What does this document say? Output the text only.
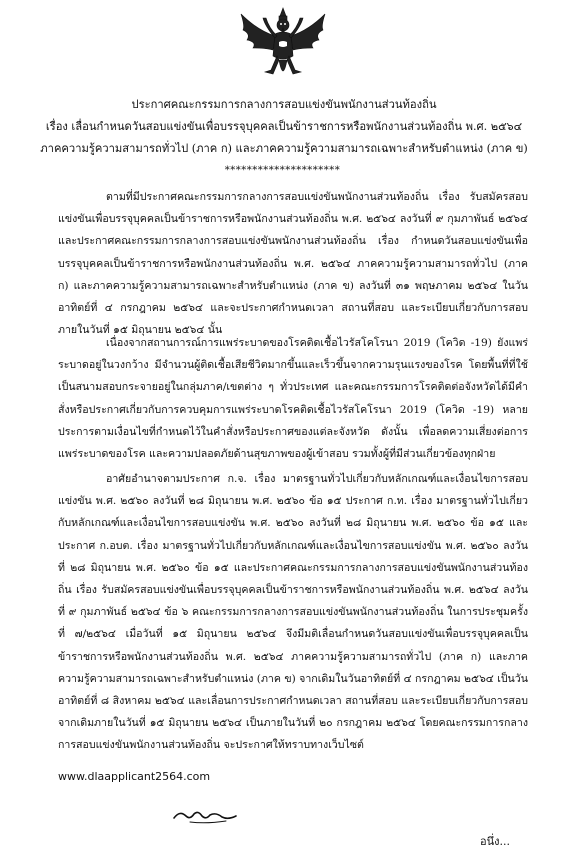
ประกาศคณะกรรมการกลางการสอบแข่งขันพนักงานส่วนท้องถิ่น
เรื่อง เลื่อนกำหนดวันสอบแข่งขันเพื่อบรรจุบุคคลเป็นข้าราชการหรือพนักงานส่วนท้องถิ่น พ.ศ. ๒๕๖๔
ภาคความรู้ความสามารถทั่วไป (ภาค ก) และภาคความรู้ความสามารถเฉพาะสำหรับตำแหน่ง (ภาค ข)
*********************

ตามที่มีประกาศคณะกรรมการกลางการสอบแข่งขันพนักงานส่วนท้องถิ่น เรื่อง รับสมัครสอบแข่งขันเพื่อบรรจุบุคคลเป็นข้าราชการหรือพนักงานส่วนท้องถิ่น พ.ศ. ๒๕๖๔ ลงวันที่ ๙ กุมภาพันธ์ ๒๕๖๔ และประกาศคณะกรรมการกลางการสอบแข่งขันพนักงานส่วนท้องถิ่น เรื่อง กำหนดวันสอบแข่งขันเพื่อบรรจุบุคคลเป็นข้าราชการหรือพนักงานส่วนท้องถิ่น พ.ศ. ๒๕๖๔ ภาคความรู้ความสามารถทั่วไป (ภาค ก) และภาคความรู้ความสามารถเฉพาะสำหรับตำแหน่ง (ภาค ข) ลงวันที่ ๓๑ พฤษภาคม ๒๕๖๔ ในวันอาทิตย์ที่ ๔ กรกฎาคม ๒๕๖๔ และจะประกาศกำหนดเวลา สถานที่สอบ และระเบียบเกี่ยวกับการสอบ ภายในวันที่ ๑๕ มิถุนายน ๒๕๖๔ นั้น

เนื่องจากสถานการณ์การแพร่ระบาดของโรคติดเชื้อไวรัสโคโรนา 2019 (โควิด -19) ยังแพร่ระบาดอยู่ในวงกว้าง มีจำนวนผู้ติดเชื้อเสียชีวิตมากขึ้นและเร็วขึ้นจากความรุนแรงของโรค โดยพื้นที่ที่ใช้เป็นสนามสอบกระจายอยู่ในกลุ่มภาค/เขตต่าง ๆ ทั่วประเทศ และคณะกรรมการโรคติดต่อจังหวัดได้มีคำสั่งหรือประกาศเกี่ยวกับการควบคุมการแพร่ระบาดโรคติดเชื้อไวรัสโคโรนา 2019 (โควิด -19) หลายประการตามเงื่อนไขที่กำหนดไว้ในคำสั่งหรือประกาศของแต่ละจังหวัด ดังนั้น เพื่อลดความเสี่ยงต่อการแพร่ระบาดของโรค และความปลอดภัยด้านสุขภาพของผู้เข้าสอบ รวมทั้งผู้ที่มีส่วนเกี่ยวข้องทุกฝ่าย

อาศัยอำนาจตามประกาศ ก.จ. เรื่อง มาตรฐานทั่วไปเกี่ยวกับหลักเกณฑ์และเงื่อนไขการสอบแข่งขัน พ.ศ. ๒๕๖๐ ลงวันที่ ๒๘ มิถุนายน พ.ศ. ๒๕๖๐ ข้อ ๑๕ ประกาศ ก.ท. เรื่อง มาตรฐานทั่วไปเกี่ยวกับหลักเกณฑ์และเงื่อนไขการสอบแข่งขัน พ.ศ. ๒๕๖๐ ลงวันที่ ๒๘ มิถุนายน พ.ศ. ๒๕๖๐ ข้อ ๑๕ และประกาศ ก.อบต. เรื่อง มาตรฐานทั่วไปเกี่ยวกับหลักเกณฑ์และเงื่อนไขการสอบแข่งขัน พ.ศ. ๒๕๖๐ ลงวันที่ ๒๘ มิถุนายน พ.ศ. ๒๕๖๐ ข้อ ๑๕ และประกาศคณะกรรมการกลางการสอบแข่งขันพนักงานส่วนท้องถิ่น เรื่อง รับสมัครสอบแข่งขันเพื่อบรรจุบุคคลเป็นข้าราชการหรือพนักงานส่วนท้องถิ่น พ.ศ. ๒๕๖๔ ลงวันที่ ๙ กุมภาพันธ์ ๒๕๖๔ ข้อ ๖ คณะกรรมการกลางการสอบแข่งขันพนักงานส่วนท้องถิ่น ในการประชุมครั้งที่ ๗/๒๕๖๔ เมื่อวันที่ ๑๕ มิถุนายน ๒๕๖๔ จึงมีมติเลื่อนกำหนดวันสอบแข่งขันเพื่อบรรจุบุคคลเป็นข้าราชการหรือพนักงานส่วนท้องถิ่น พ.ศ. ๒๕๖๔ ภาคความรู้ความสามารถทั่วไป (ภาค ก) และภาคความรู้ความสามารถเฉพาะสำหรับตำแหน่ง (ภาค ข) จากเดิมในวันอาทิตย์ที่ ๔ กรกฎาคม ๒๕๖๔ เป็นวันอาทิตย์ที่ ๘ สิงหาคม ๒๕๖๔ และเลื่อนการประกาศกำหนดเวลา สถานที่สอบ และระเบียบเกี่ยวกับการสอบ จากเดิมภายในวันที่ ๑๕ มิถุนายน ๒๕๖๔ เป็นภายในวันที่ ๒๐ กรกฎาคม ๒๕๖๔ โดยคณะกรรมการกลางการสอบแข่งขันพนักงานส่วนท้องถิ่น จะประกาศให้ทราบทางเว็บไซต์

www.dlaapplicant2564.com
อนึ่ง...
